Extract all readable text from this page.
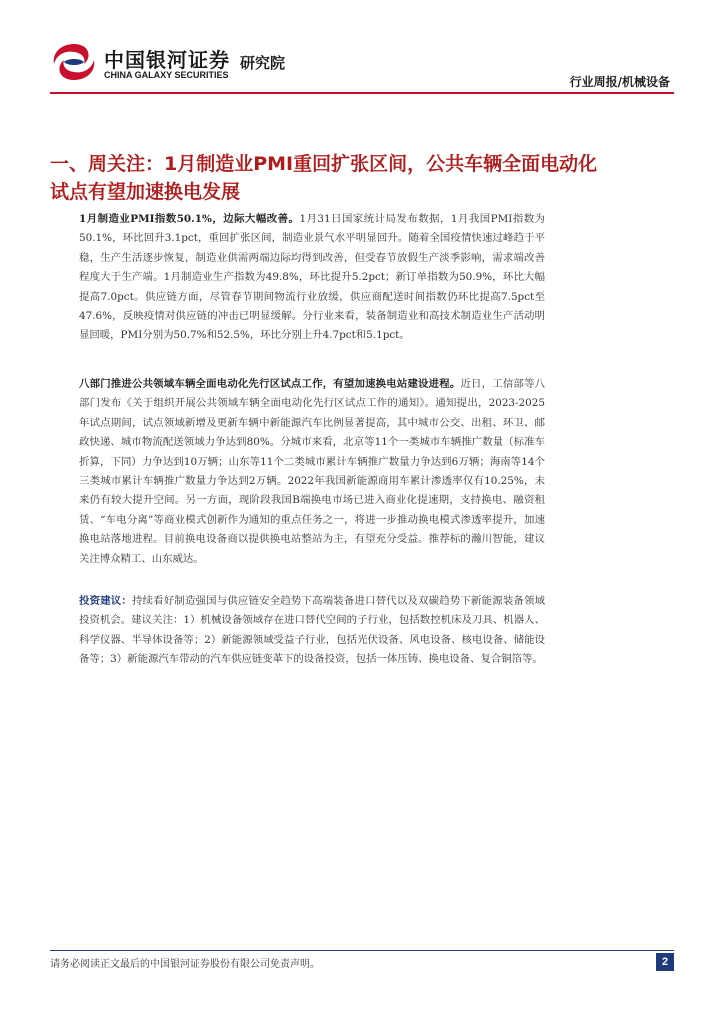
中国银河证券
CHINA GALAXY SECURITIES
研究院
行业周报/机械设备
一、周关注：1月制造业PMI重回扩张区间，公共车辆全面电动化试点有望加速换电发展
1月制造业PMI指数50.1%，边际大幅改善。1月31日国家统计局发布数据，1月我国PMI指数为50.1%，环比回升3.1pct，重回扩张区间，制造业景气水平明显回升。随着全国疫情快速过峰趋于平稳，生产生活逐步恢复，制造业供需两端边际均得到改善，但受春节放假生产淡季影响，需求端改善程度大于生产端。1月制造业生产指数为49.8%，环比提升5.2pct；新订单指数为50.9%，环比大幅提高7.0pct。供应链方面，尽管春节期间物流行业放缓，供应商配送时间指数仍环比提高7.5pct至47.6%，反映疫情对供应链的冲击已明显缓解。分行业来看，装备制造业和高技术制造业生产活动明显回暖，PMI分别为50.7%和52.5%，环比分别上升4.7pct和5.1pct。
八部门推进公共领域车辆全面电动化先行区试点工作，有望加速换电站建设进程。近日，工信部等八部门发布《关于组织开展公共领域车辆全面电动化先行区试点工作的通知》。通知提出，2023-2025年试点期间，试点领域新增及更新车辆中新能源汽车比例显著提高，其中城市公交、出租、环卫、邮政快递、城市物流配送领域力争达到80%。分城市来看，北京等11个一类城市车辆推广数量（标准车折算，下同）力争达到10万辆；山东等11个二类城市累计车辆推广数量力争达到6万辆；海南等14个三类城市累计车辆推广数量力争达到2万辆。2022年我国新能源商用车累计渗透率仅有10.25%，未来仍有较大提升空间。另一方面，现阶段我国B端换电市场已进入商业化提速期，支持换电、融资租赁、“车电分离”等商业模式创新作为通知的重点任务之一，将进一步推动换电模式渗透率提升，加速换电站落地进程。目前换电设备商以提供换电站整站为主，有望充分受益。推荐标的瀚川智能，建议关注博众精工、山东威达。
投资建议：持续看好制造强国与供应链安全趋势下高端装备进口替代以及双碳趋势下新能源装备领域投资机会。建议关注：1）机械设备领域存在进口替代空间的子行业，包括数控机床及刀具、机器人、科学仪器、半导体设备等；2）新能源领域受益子行业，包括光伏设备、风电设备、核电设备、储能设备等；3）新能源汽车带动的汽车供应链变革下的设备投资，包括一体压铸、换电设备、复合铜箔等。
请务必阅读正文最后的中国银河证券股份有限公司免责声明。	2
